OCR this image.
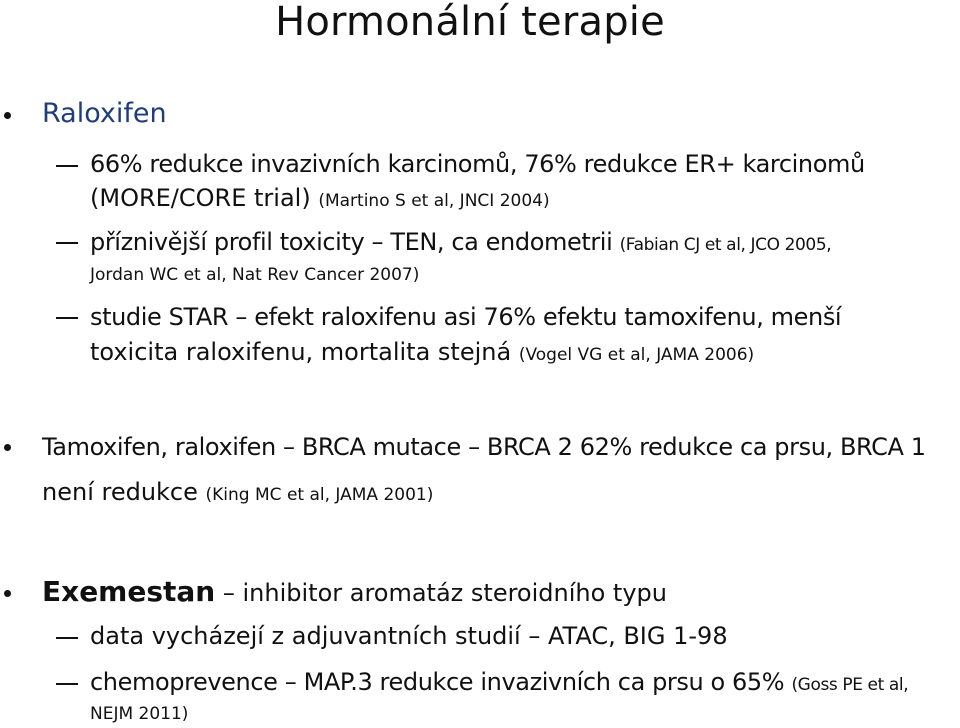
Hormonální terapie
Raloxifen
66% redukce invazivních karcinomů, 76% redukce ER+ karcinomů
(MORE/CORE trial) (Martino S et al, JNCI 2004)
příznivější profil toxicity – TEN, ca endometrii (Fabian CJ et al, JCO 2005,
Jordan WC et al, Nat Rev Cancer 2007)
studie STAR – efekt raloxifenu asi 76% efektu tamoxifenu, menší
toxicita raloxifenu, mortalita stejná (Vogel VG et al, JAMA 2006)
Tamoxifen, raloxifen – BRCA mutace – BRCA 2 62% redukce ca prsu, BRCA 1
není redukce (King MC et al, JAMA 2001)
Exemestan – inhibitor aromatáz steroidního typu
data vycházejí z adjuvantních studií – ATAC, BIG 1-98
chemoprevence – MAP.3 redukce invazivních ca prsu o 65% (Goss PE et al,
NEJM 2011)
